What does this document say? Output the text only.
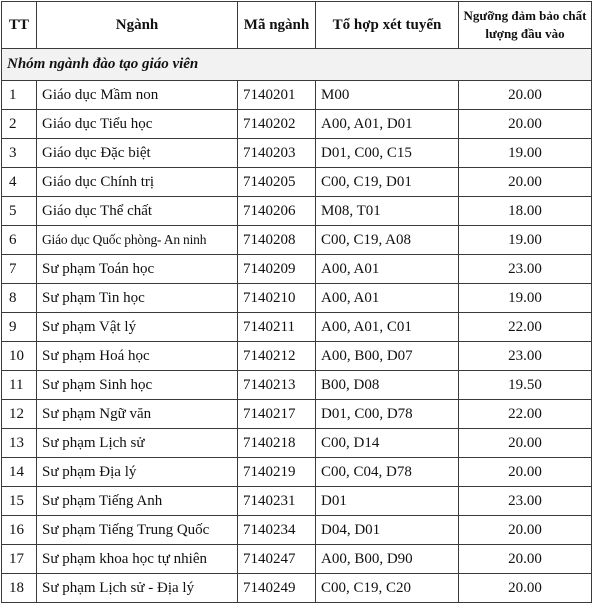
TT	Ngành	Mã ngành	Tổ hợp xét tuyển	Ngưỡng đảm bảo chất lượng đầu vào
Nhóm ngành đào tạo giáo viên				
1	Giáo dục Mầm non	7140201	M00	20.00
2	Giáo dục Tiểu học	7140202	A00, A01, D01	20.00
3	Giáo dục Đặc biệt	7140203	D01, C00, C15	19.00
4	Giáo dục Chính trị	7140205	C00, C19, D01	20.00
5	Giáo dục Thể chất	7140206	M08, T01	18.00
6	Giáo dục Quốc phòng- An ninh	7140208	C00, C19, A08	19.00
7	Sư phạm Toán học	7140209	A00, A01	23.00
8	Sư phạm Tin học	7140210	A00, A01	19.00
9	Sư phạm Vật lý	7140211	A00, A01, C01	22.00
10	Sư phạm Hoá học	7140212	A00, B00, D07	23.00
11	Sư phạm Sinh học	7140213	B00, D08	19.50
12	Sư phạm Ngữ văn	7140217	D01, C00, D78	22.00
13	Sư phạm Lịch sử	7140218	C00, D14	20.00
14	Sư phạm Địa lý	7140219	C00, C04, D78	20.00
15	Sư phạm Tiếng Anh	7140231	D01	23.00
16	Sư phạm Tiếng Trung Quốc	7140234	D04, D01	20.00
17	Sư phạm khoa học tự nhiên	7140247	A00, B00, D90	20.00
18	Sư phạm Lịch sử - Địa lý	7140249	C00, C19, C20	20.00
